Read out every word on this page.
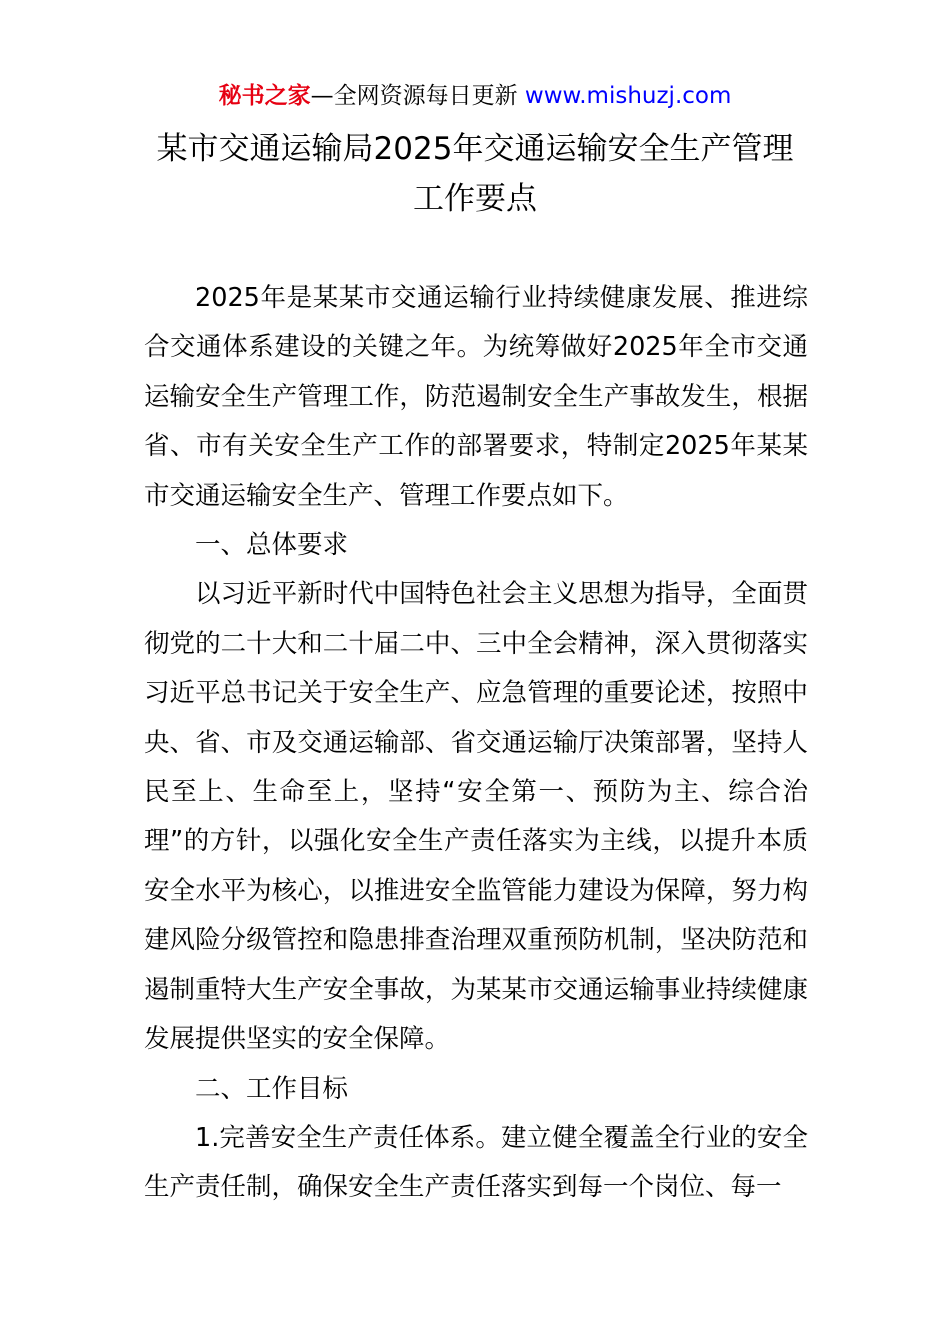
秘书之家—全网资源每日更新 www.mishuzj.com
某市交通运输局2025年交通运输安全生产管理
工作要点

2025年是某某市交通运输行业持续健康发展、推进综合交通体系建设的关键之年。为统筹做好2025年全市交通运输安全生产管理工作，防范遏制安全生产事故发生，根据省、市有关安全生产工作的部署要求，特制定2025年某某市交通运输安全生产、管理工作要点如下。

一、总体要求

以习近平新时代中国特色社会主义思想为指导，全面贯彻党的二十大和二十届二中、三中全会精神，深入贯彻落实习近平总书记关于安全生产、应急管理的重要论述，按照中央、省、市及交通运输部、省交通运输厅决策部署，坚持人民至上、生命至上，坚持“安全第一、预防为主、综合治理”的方针，以强化安全生产责任落实为主线，以提升本质安全水平为核心，以推进安全监管能力建设为保障，努力构建风险分级管控和隐患排查治理双重预防机制，坚决防范和遏制重特大生产安全事故，为某某市交通运输事业持续健康发展提供坚实的安全保障。

二、工作目标

1.完善安全生产责任体系。建立健全覆盖全行业的安全生产责任制，确保安全生产责任落实到每一个岗位、每一
